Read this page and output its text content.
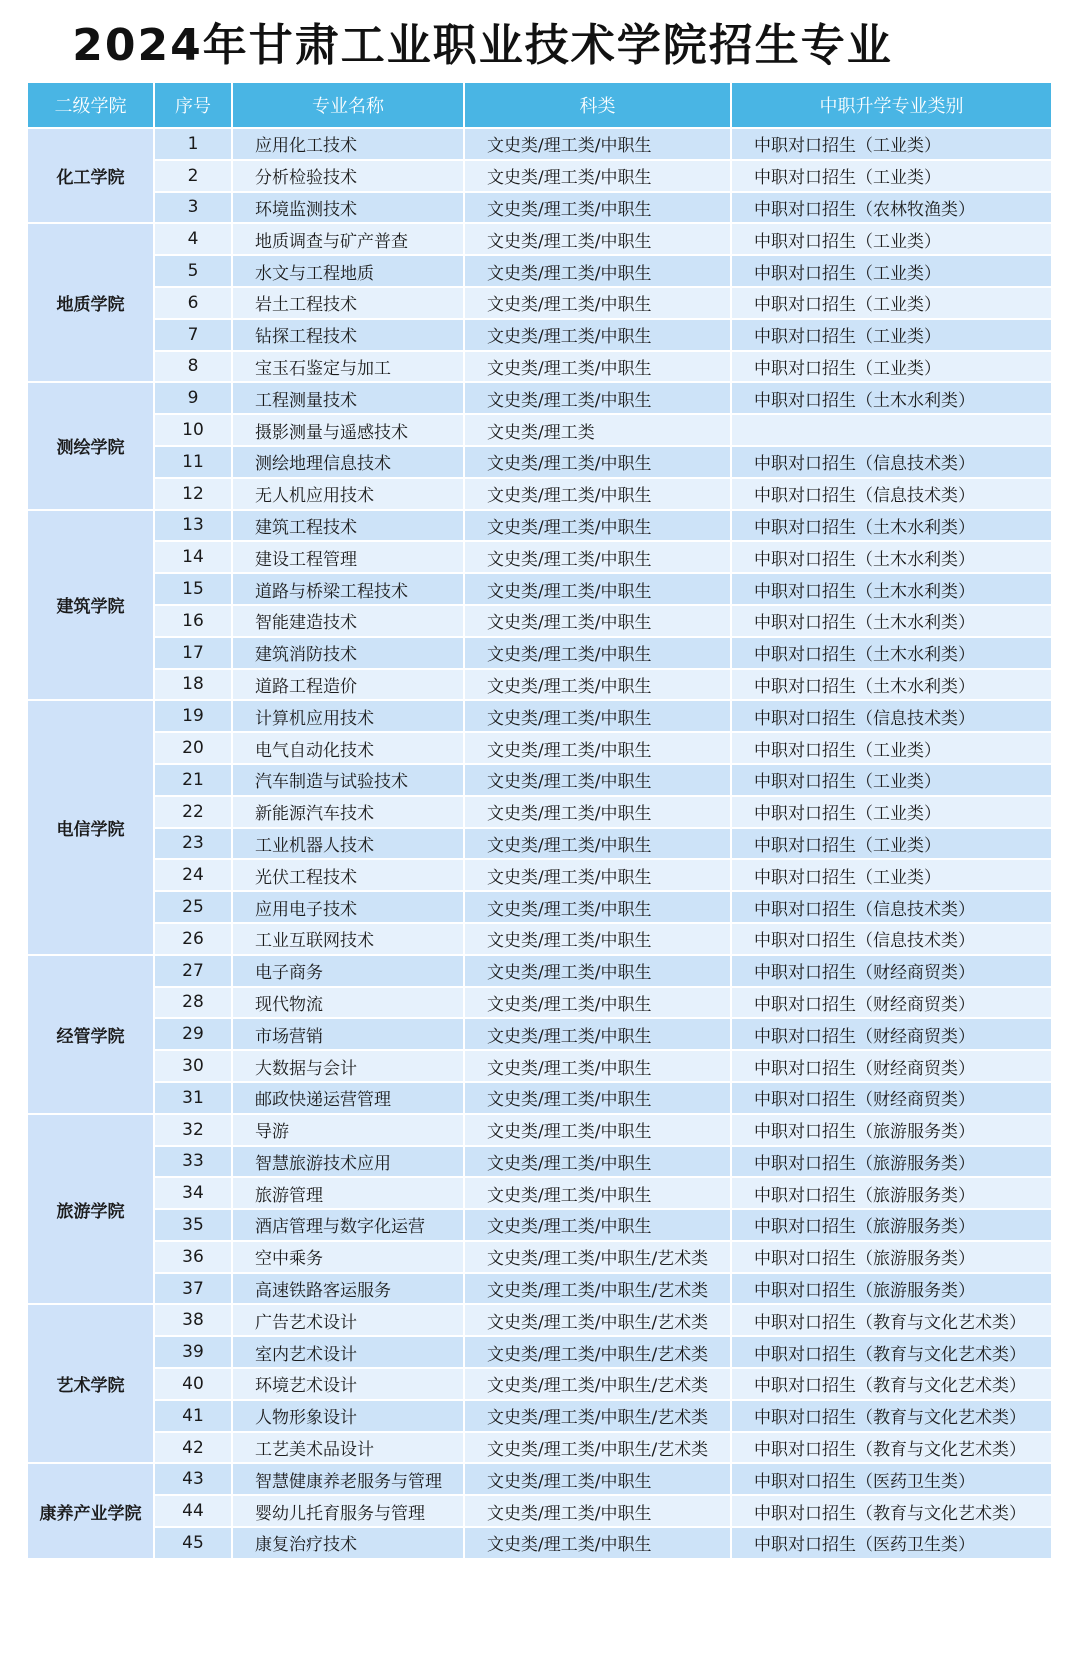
2024年甘肃工业职业技术学院招生专业
二级学院	序号	专业名称	科类	中职升学专业类别
化工学院	1	应用化工技术	文史类/理工类/中职生	中职对口招生（工业类）
	2	分析检验技术	文史类/理工类/中职生	中职对口招生（工业类）
	3	环境监测技术	文史类/理工类/中职生	中职对口招生（农林牧渔类）
地质学院	4	地质调查与矿产普查	文史类/理工类/中职生	中职对口招生（工业类）
	5	水文与工程地质	文史类/理工类/中职生	中职对口招生（工业类）
	6	岩土工程技术	文史类/理工类/中职生	中职对口招生（工业类）
	7	钻探工程技术	文史类/理工类/中职生	中职对口招生（工业类）
	8	宝玉石鉴定与加工	文史类/理工类/中职生	中职对口招生（工业类）
测绘学院	9	工程测量技术	文史类/理工类/中职生	中职对口招生（土木水利类）
	10	摄影测量与遥感技术	文史类/理工类	
	11	测绘地理信息技术	文史类/理工类/中职生	中职对口招生（信息技术类）
	12	无人机应用技术	文史类/理工类/中职生	中职对口招生（信息技术类）
建筑学院	13	建筑工程技术	文史类/理工类/中职生	中职对口招生（土木水利类）
	14	建设工程管理	文史类/理工类/中职生	中职对口招生（土木水利类）
	15	道路与桥梁工程技术	文史类/理工类/中职生	中职对口招生（土木水利类）
	16	智能建造技术	文史类/理工类/中职生	中职对口招生（土木水利类）
	17	建筑消防技术	文史类/理工类/中职生	中职对口招生（土木水利类）
	18	道路工程造价	文史类/理工类/中职生	中职对口招生（土木水利类）
电信学院	19	计算机应用技术	文史类/理工类/中职生	中职对口招生（信息技术类）
	20	电气自动化技术	文史类/理工类/中职生	中职对口招生（工业类）
	21	汽车制造与试验技术	文史类/理工类/中职生	中职对口招生（工业类）
	22	新能源汽车技术	文史类/理工类/中职生	中职对口招生（工业类）
	23	工业机器人技术	文史类/理工类/中职生	中职对口招生（工业类）
	24	光伏工程技术	文史类/理工类/中职生	中职对口招生（工业类）
	25	应用电子技术	文史类/理工类/中职生	中职对口招生（信息技术类）
	26	工业互联网技术	文史类/理工类/中职生	中职对口招生（信息技术类）
经管学院	27	电子商务	文史类/理工类/中职生	中职对口招生（财经商贸类）
	28	现代物流	文史类/理工类/中职生	中职对口招生（财经商贸类）
	29	市场营销	文史类/理工类/中职生	中职对口招生（财经商贸类）
	30	大数据与会计	文史类/理工类/中职生	中职对口招生（财经商贸类）
	31	邮政快递运营管理	文史类/理工类/中职生	中职对口招生（财经商贸类）
旅游学院	32	导游	文史类/理工类/中职生	中职对口招生（旅游服务类）
	33	智慧旅游技术应用	文史类/理工类/中职生	中职对口招生（旅游服务类）
	34	旅游管理	文史类/理工类/中职生	中职对口招生（旅游服务类）
	35	酒店管理与数字化运营	文史类/理工类/中职生	中职对口招生（旅游服务类）
	36	空中乘务	文史类/理工类/中职生/艺术类	中职对口招生（旅游服务类）
	37	高速铁路客运服务	文史类/理工类/中职生/艺术类	中职对口招生（旅游服务类）
艺术学院	38	广告艺术设计	文史类/理工类/中职生/艺术类	中职对口招生（教育与文化艺术类）
	39	室内艺术设计	文史类/理工类/中职生/艺术类	中职对口招生（教育与文化艺术类）
	40	环境艺术设计	文史类/理工类/中职生/艺术类	中职对口招生（教育与文化艺术类）
	41	人物形象设计	文史类/理工类/中职生/艺术类	中职对口招生（教育与文化艺术类）
	42	工艺美术品设计	文史类/理工类/中职生/艺术类	中职对口招生（教育与文化艺术类）
康养产业学院	43	智慧健康养老服务与管理	文史类/理工类/中职生	中职对口招生（医药卫生类）
	44	婴幼儿托育服务与管理	文史类/理工类/中职生	中职对口招生（教育与文化艺术类）
	45	康复治疗技术	文史类/理工类/中职生	中职对口招生（医药卫生类）
